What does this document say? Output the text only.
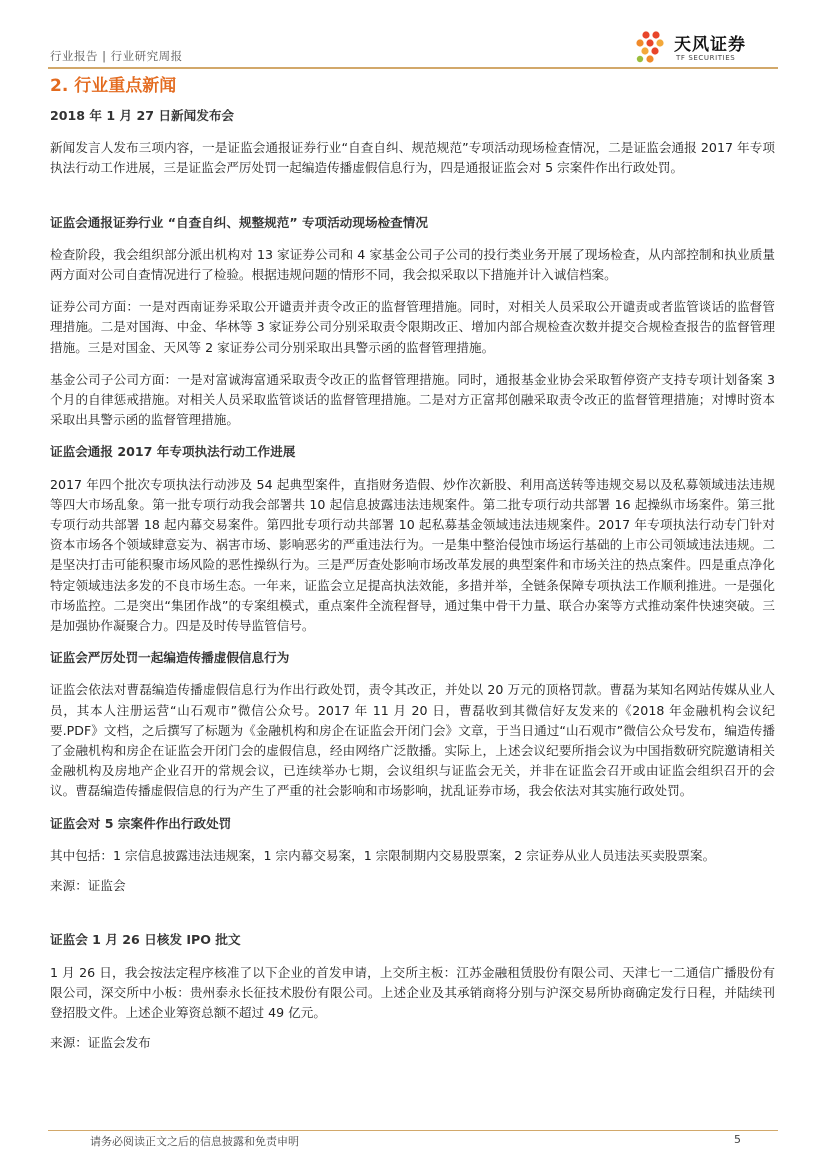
行业报告 | 行业研究周报
天风证券
TF SECURITIES
2. 行业重点新闻

2018 年 1 月 27 日新闻发布会

新闻发言人发布三项内容，一是证监会通报证券行业“自查自纠、规范规范”专项活动现场检查情况，二是证监会通报 2017 年专项执法行动工作进展，三是证监会严厉处罚一起编造传播虚假信息行为，四是通报证监会对 5 宗案件作出行政处罚。

证监会通报证券行业 “自查自纠、规整规范” 专项活动现场检查情况

检查阶段，我会组织部分派出机构对 13 家证券公司和 4 家基金公司子公司的投行类业务开展了现场检查，从内部控制和执业质量两方面对公司自查情况进行了检验。根据违规问题的情形不同，我会拟采取以下措施并计入诚信档案。

证券公司方面：一是对西南证券采取公开谴责并责令改正的监督管理措施。同时，对相关人员采取公开谴责或者监管谈话的监督管理措施。二是对国海、中金、华林等 3 家证券公司分别采取责令限期改正、增加内部合规检查次数并提交合规检查报告的监督管理措施。三是对国金、天风等 2 家证券公司分别采取出具警示函的监督管理措施。

基金公司子公司方面：一是对富诚海富通采取责令改正的监督管理措施。同时，通报基金业协会采取暂停资产支持专项计划备案 3 个月的自律惩戒措施。对相关人员采取监管谈话的监督管理措施。二是对方正富邦创融采取责令改正的监督管理措施；对博时资本采取出具警示函的监督管理措施。

证监会通报 2017 年专项执法行动工作进展

2017 年四个批次专项执法行动涉及 54 起典型案件，直指财务造假、炒作次新股、利用高送转等违规交易以及私募领域违法违规等四大市场乱象。第一批专项行动我会部署共 10 起信息披露违法违规案件。第二批专项行动共部署 16 起操纵市场案件。第三批专项行动共部署 18 起内幕交易案件。第四批专项行动共部署 10 起私募基金领域违法违规案件。2017 年专项执法行动专门针对资本市场各个领域肆意妄为、祸害市场、影响恶劣的严重违法行为。一是集中整治侵蚀市场运行基础的上市公司领域违法违规。二是坚决打击可能积聚市场风险的恶性操纵行为。三是严厉查处影响市场改革发展的典型案件和市场关注的热点案件。四是重点净化特定领域违法多发的不良市场生态。一年来，证监会立足提高执法效能，多措并举，全链条保障专项执法工作顺利推进。一是强化市场监控。二是突出“集团作战”的专案组模式，重点案件全流程督导，通过集中骨干力量、联合办案等方式推动案件快速突破。三是加强协作凝聚合力。四是及时传导监管信号。

证监会严厉处罚一起编造传播虚假信息行为

证监会依法对曹磊编造传播虚假信息行为作出行政处罚，责令其改正，并处以 20 万元的顶格罚款。曹磊为某知名网站传媒从业人员，其本人注册运营“山石观市”微信公众号。2017 年 11 月 20 日，曹磊收到其微信好友发来的《2018 年金融机构会议纪要.PDF》文档，之后撰写了标题为《金融机构和房企在证监会开闭门会》文章，于当日通过“山石观市”微信公众号发布，编造传播了金融机构和房企在证监会开闭门会的虚假信息，经由网络广泛散播。实际上，上述会议纪要所指会议为中国指数研究院邀请相关金融机构及房地产企业召开的常规会议，已连续举办七期，会议组织与证监会无关，并非在证监会召开或由证监会组织召开的会议。曹磊编造传播虚假信息的行为产生了严重的社会影响和市场影响，扰乱证券市场，我会依法对其实施行政处罚。

证监会对 5 宗案件作出行政处罚

其中包括：1 宗信息披露违法违规案，1 宗内幕交易案，1 宗限制期内交易股票案，2 宗证券从业人员违法买卖股票案。

来源：证监会

证监会 1 月 26 日核发 IPO 批文

1 月 26 日，我会按法定程序核准了以下企业的首发申请，上交所主板：江苏金融租赁股份有限公司、天津七一二通信广播股份有限公司，深交所中小板：贵州泰永长征技术股份有限公司。上述企业及其承销商将分别与沪深交易所协商确定发行日程，并陆续刊登招股文件。上述企业筹资总额不超过 49 亿元。

来源：证监会发布

请务必阅读正文之后的信息披露和免责申明	5
